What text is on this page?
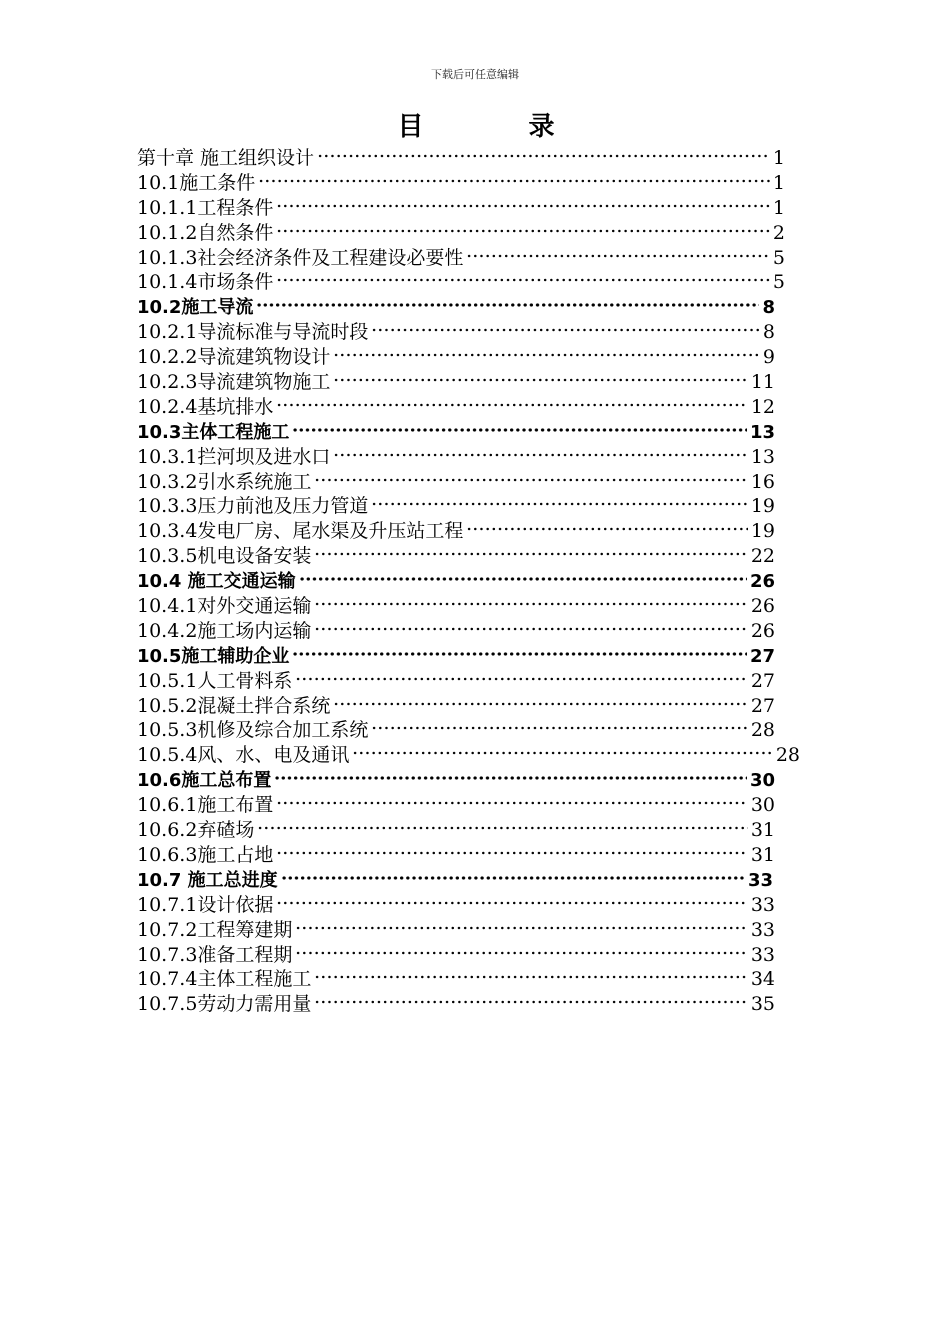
下载后可任意编辑
目 录
第十章 施工组织设计	1
10.1施工条件	1
10.1.1工程条件	1
10.1.2自然条件	2
10.1.3社会经济条件及工程建设必要性	5
10.1.4市场条件	5
10.2施工导流	8
10.2.1导流标准与导流时段	8
10.2.2导流建筑物设计	9
10.2.3导流建筑物施工	11
10.2.4基坑排水	12
10.3主体工程施工	13
10.3.1拦河坝及进水口	13
10.3.2引水系统施工	16
10.3.3压力前池及压力管道	19
10.3.4发电厂房、尾水渠及升压站工程	19
10.3.5机电设备安装	22
10.4 施工交通运输	26
10.4.1对外交通运输	26
10.4.2施工场内运输	26
10.5施工辅助企业	27
10.5.1人工骨料系	27
10.5.2混凝土拌合系统	27
10.5.3机修及综合加工系统	28
10.5.4风、水、电及通讯	28
10.6施工总布置	30
10.6.1施工布置	30
10.6.2弃碴场	31
10.6.3施工占地	31
10.7 施工总进度	33
10.7.1设计依据	33
10.7.2工程筹建期	33
10.7.3准备工程期	33
10.7.4主体工程施工	34
10.7.5劳动力需用量	35
